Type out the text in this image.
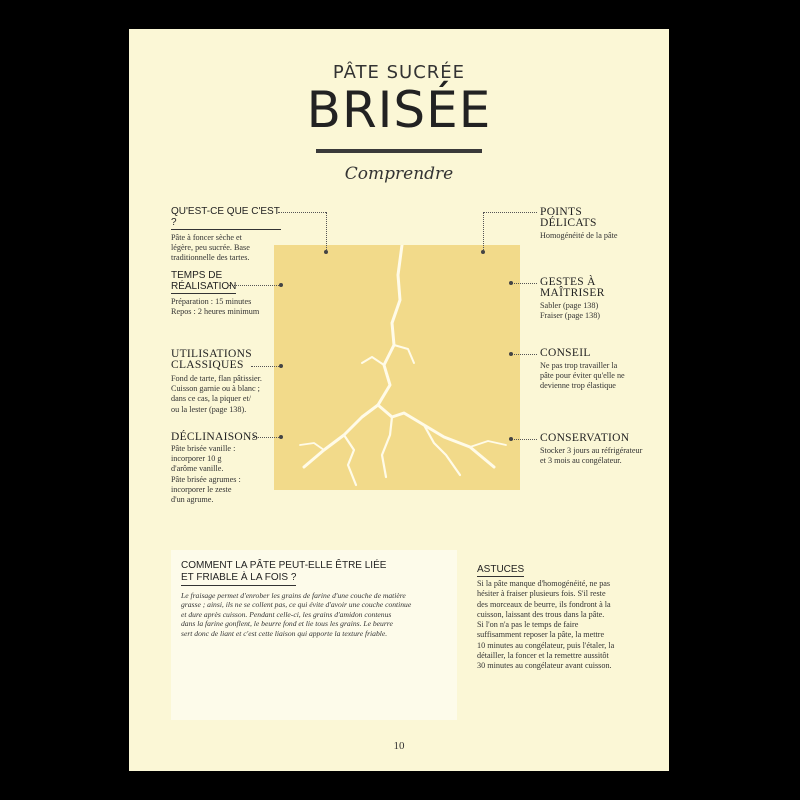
PÂTE SUCRÉE
BRISÉE
Comprendre
QU'EST-CE QUE C'EST ?
Pâte à foncer sèche et
légère, peu sucrée. Base
traditionnelle des tartes.
TEMPS DE
RÉALISATION
Préparation : 15 minutes
Repos : 2 heures minimum
UTILISATIONS
CLASSIQUES
Fond de tarte, flan pâtissier.
Cuisson garnie ou à blanc ;
dans ce cas, la piquer et/
ou la lester (page 138).
DÉCLINAISONS
Pâte brisée vanille :
incorporer 10 g
d'arôme vanille.
Pâte brisée agrumes :
incorporer le zeste
d'un agrume.
POINTS
DÉLICATS
Homogénéité de la pâte
GESTES À
MAÎTRISER
Sabler (page 138)
Fraiser (page 138)
CONSEIL
Ne pas trop travailler la
pâte pour éviter qu'elle ne
devienne trop élastique
CONSERVATION
Stocker 3 jours au réfrigérateur
et 3 mois au congélateur.
COMMENT LA PÂTE PEUT-ELLE ÊTRE LIÉE
ET FRIABLE À LA FOIS ?
Le fraisage permet d'enrober les grains de farine d'une couche de matière
grasse ; ainsi, ils ne se collent pas, ce qui évite d'avoir une couche continue
et dure après cuisson. Pendant celle-ci, les grains d'amidon contenus
dans la farine gonflent, le beurre fond et lie tous les grains. Le beurre
sert donc de liant et c'est cette liaison qui apporte la texture friable.
ASTUCES
Si la pâte manque d'homogénéité, ne pas
hésiter à fraiser plusieurs fois. S'il reste
des morceaux de beurre, ils fondront à la
cuisson, laissant des trous dans la pâte.
Si l'on n'a pas le temps de faire
suffisamment reposer la pâte, la mettre
10 minutes au congélateur, puis l'étaler, la
détailler, la foncer et la remettre aussitôt
30 minutes au congélateur avant cuisson.
10
